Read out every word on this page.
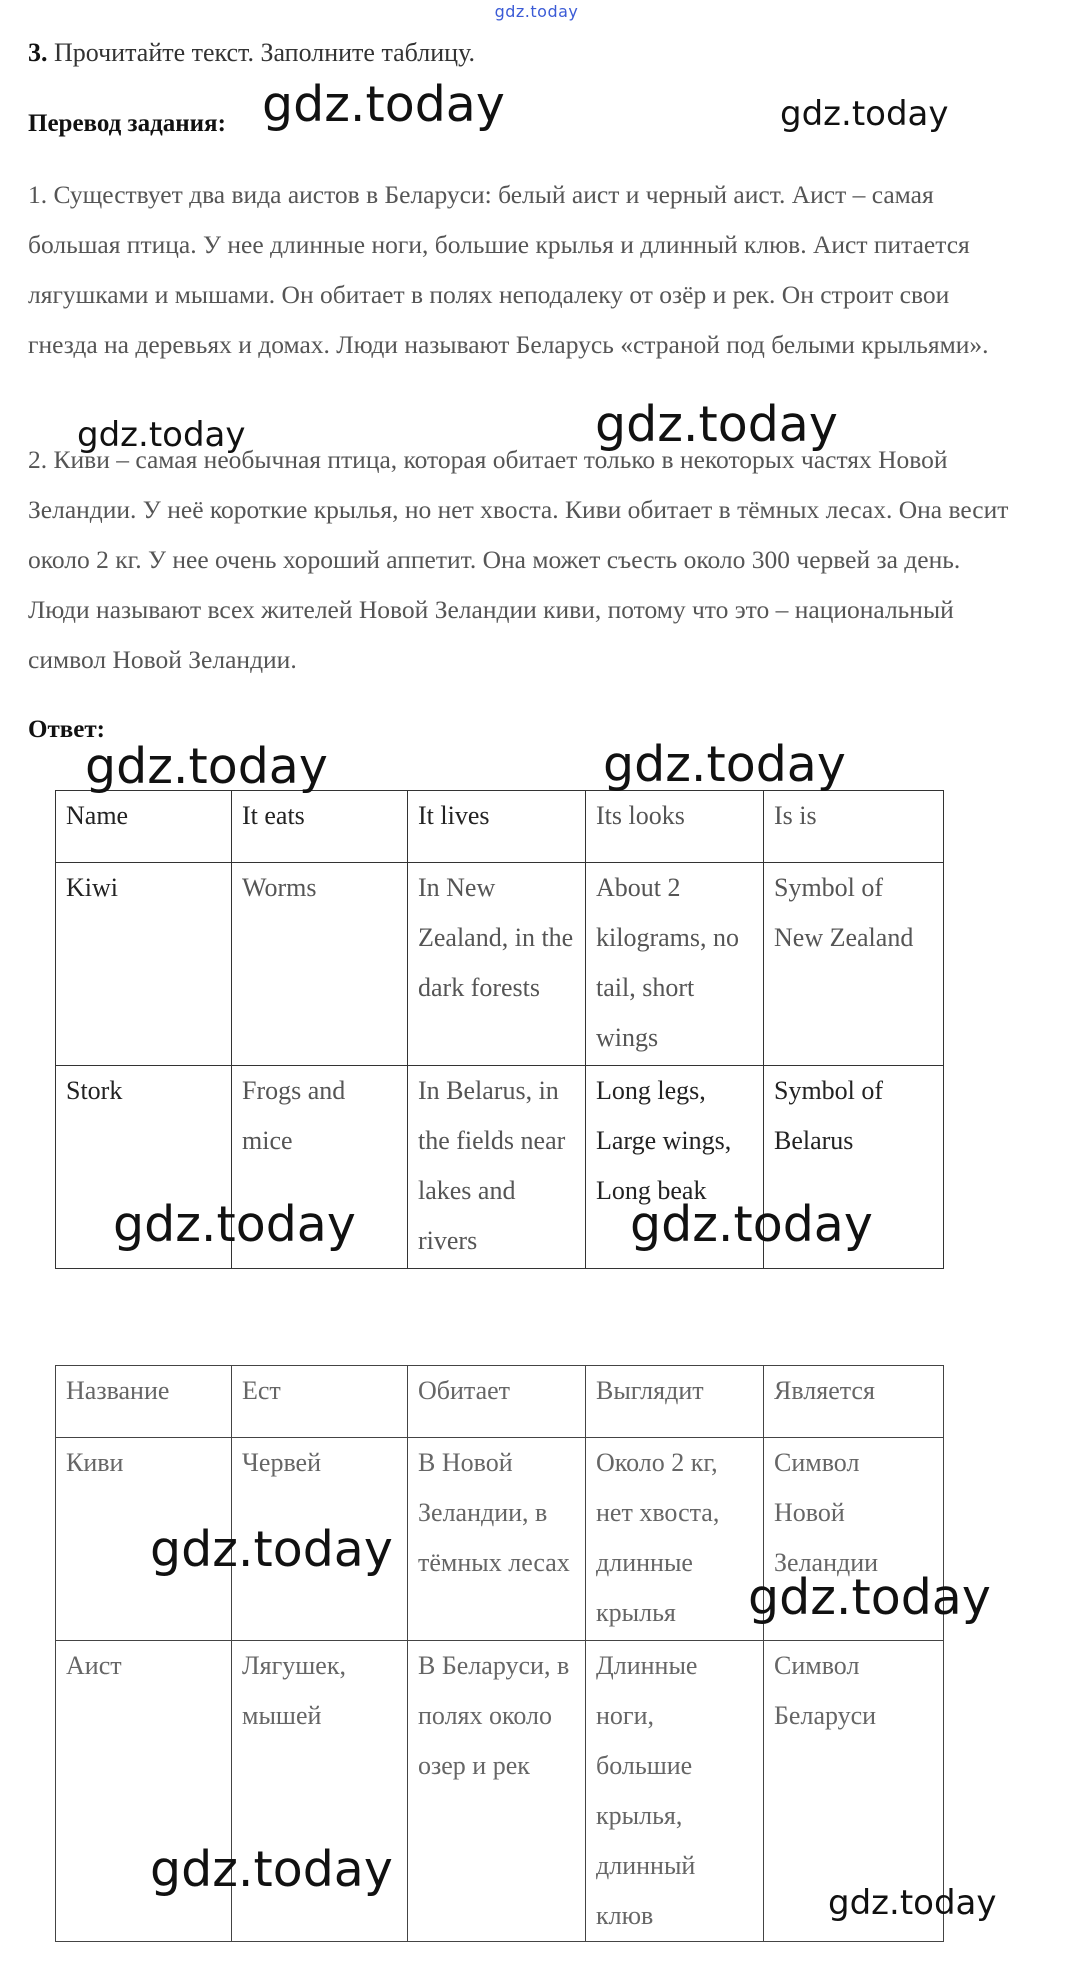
gdz.today
3. Прочитайте текст. Заполните таблицу.
Перевод задания:

1. Существует два вида аистов в Беларуси: белый аист и черный аист. Аист – самая большая птица. У нее длинные ноги, большие крылья и длинный клюв. Аист питается лягушками и мышами. Он обитает в полях неподалеку от озёр и рек. Он строит свои гнезда на деревьях и домах. Люди называют Беларусь «страной под белыми крыльями».

2. Киви – самая необычная птица, которая обитает только в некоторых частях Новой Зеландии. У неё короткие крылья, но нет хвоста. Киви обитает в тёмных лесах. Она весит около 2 кг. У нее очень хороший аппетит. Она может съесть около 300 червей за день. Люди называют всех жителей Новой Зеландии киви, потому что это – национальный символ Новой Зеландии.

Ответ:
Name	It eats	It lives	Its looks	Is is
Kiwi	Worms	In New Zealand, in the dark forests	About 2 kilograms, no tail, short wings	Symbol of New Zealand
Stork	Frogs and mice	In Belarus, in the fields near lakes and rivers	Long legs, Large wings, Long beak	Symbol of Belarus
Название	Ест	Обитает	Выглядит	Является
Киви	Червей	В Новой Зеландии, в тёмных лесах	Около 2 кг, нет хвоста, длинные крылья	Символ Новой Зеландии
Аист	Лягушек, мышей	В Беларуси, в полях около озер и рек	Длинные ноги, большие крылья, длинный клюв	Символ Беларуси
gdz.today	gdz.today
gdz.today
gdz.today
gdz.today	gdz.today
gdz.today	gdz.today
gdz.today
gdz.today
gdz.today
gdz.today
